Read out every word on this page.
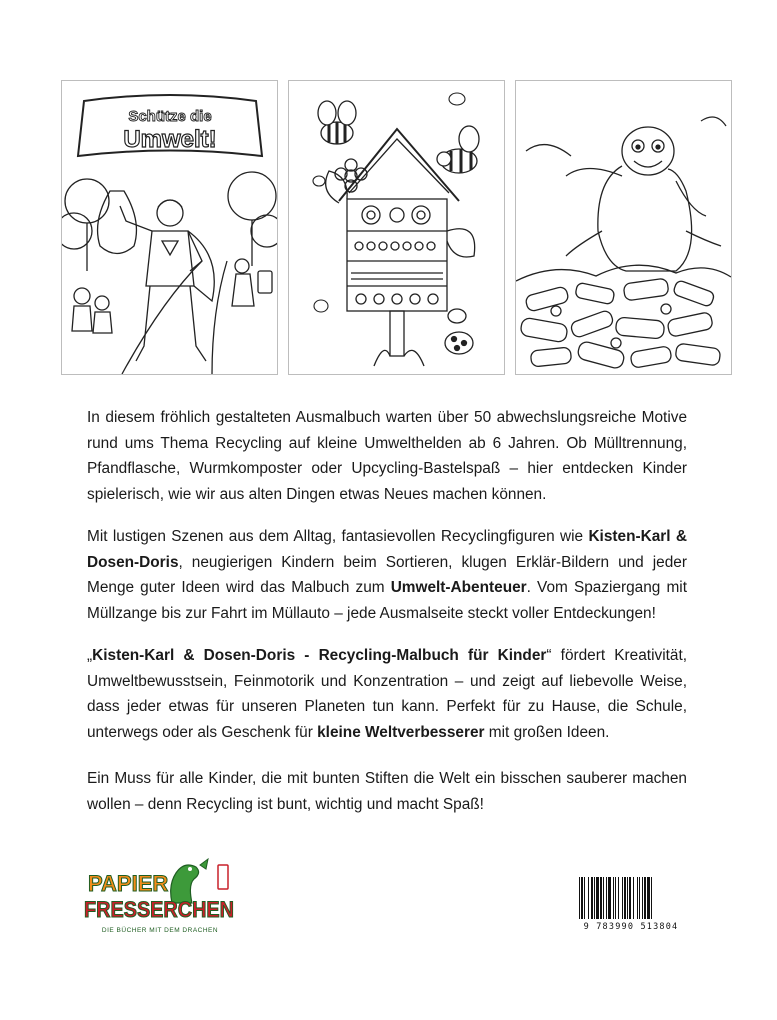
Schütze die
Umwelt!

In diesem fröhlich gestalteten Ausmalbuch warten über 50 abwechslungsreiche Motive rund ums Thema Recycling auf kleine Umwelthelden ab 6 Jahren. Ob Mülltrennung, Pfandflasche, Wurmkomposter oder Upcycling-Bastelspaß – hier entdecken Kinder spielerisch, wie wir aus alten Dingen etwas Neues machen können.

Mit lustigen Szenen aus dem Alltag, fantasievollen Recyclingfiguren wie Kisten-Karl & Dosen-Doris, neugierigen Kindern beim Sortieren, klugen Erklär-Bildern und jeder Menge guter Ideen wird das Malbuch zum Umwelt-Abenteuer. Vom Spaziergang mit Müllzange bis zur Fahrt im Müllauto – jede Ausmalseite steckt voller Entdeckungen!

„Kisten-Karl & Dosen-Doris - Recycling-Malbuch für Kinder“ fördert Kreativität, Umweltbewusstsein, Feinmotorik und Konzentration – und zeigt auf liebevolle Weise, dass jeder etwas für unseren Planeten tun kann. Perfekt für zu Hause, die Schule, unterwegs oder als Geschenk für kleine Weltverbesserer mit großen Ideen.

Ein Muss für alle Kinder, die mit bunten Stiften die Welt ein bisschen sauberer machen wollen – denn Recycling ist bunt, wichtig und macht Spaß!

PAPIER
FRESSERCHEN
DIE BÜCHER MIT DEM DRACHEN	9 783990 513804
